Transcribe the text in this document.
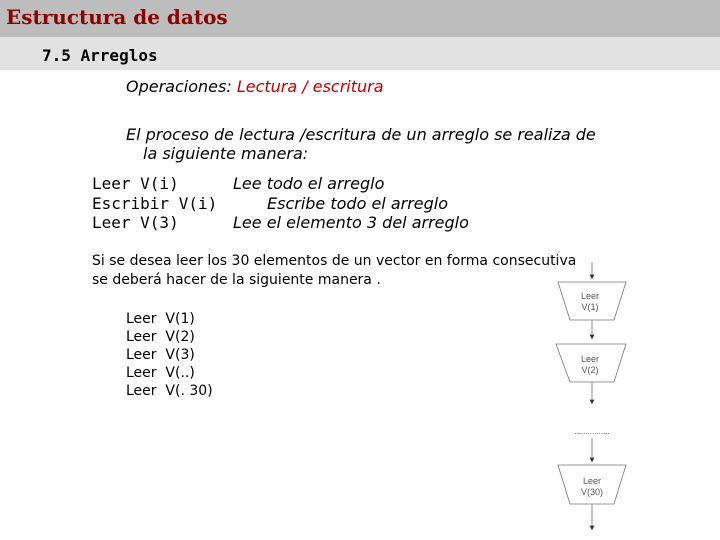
Estructura de datos
7.5 Arreglos
Operaciones: Lectura / escritura
El proceso de lectura /escritura de un arreglo se realiza de
la siguiente manera:
Leer V(i)
Escribir V(i)
Leer V(3)
Lee todo el arreglo
Escribe todo el arreglo
Lee el elemento 3 del arreglo
Si se desea leer los 30 elementos de un vector en forma consecutiva
se deberá hacer de la siguiente manera .
Leer  V(1)
Leer  V(2)
Leer  V(3)
Leer  V(..)
Leer  V(. 30)
Leer
V(1)
Leer
V(2)
................
Leer
V(30)
